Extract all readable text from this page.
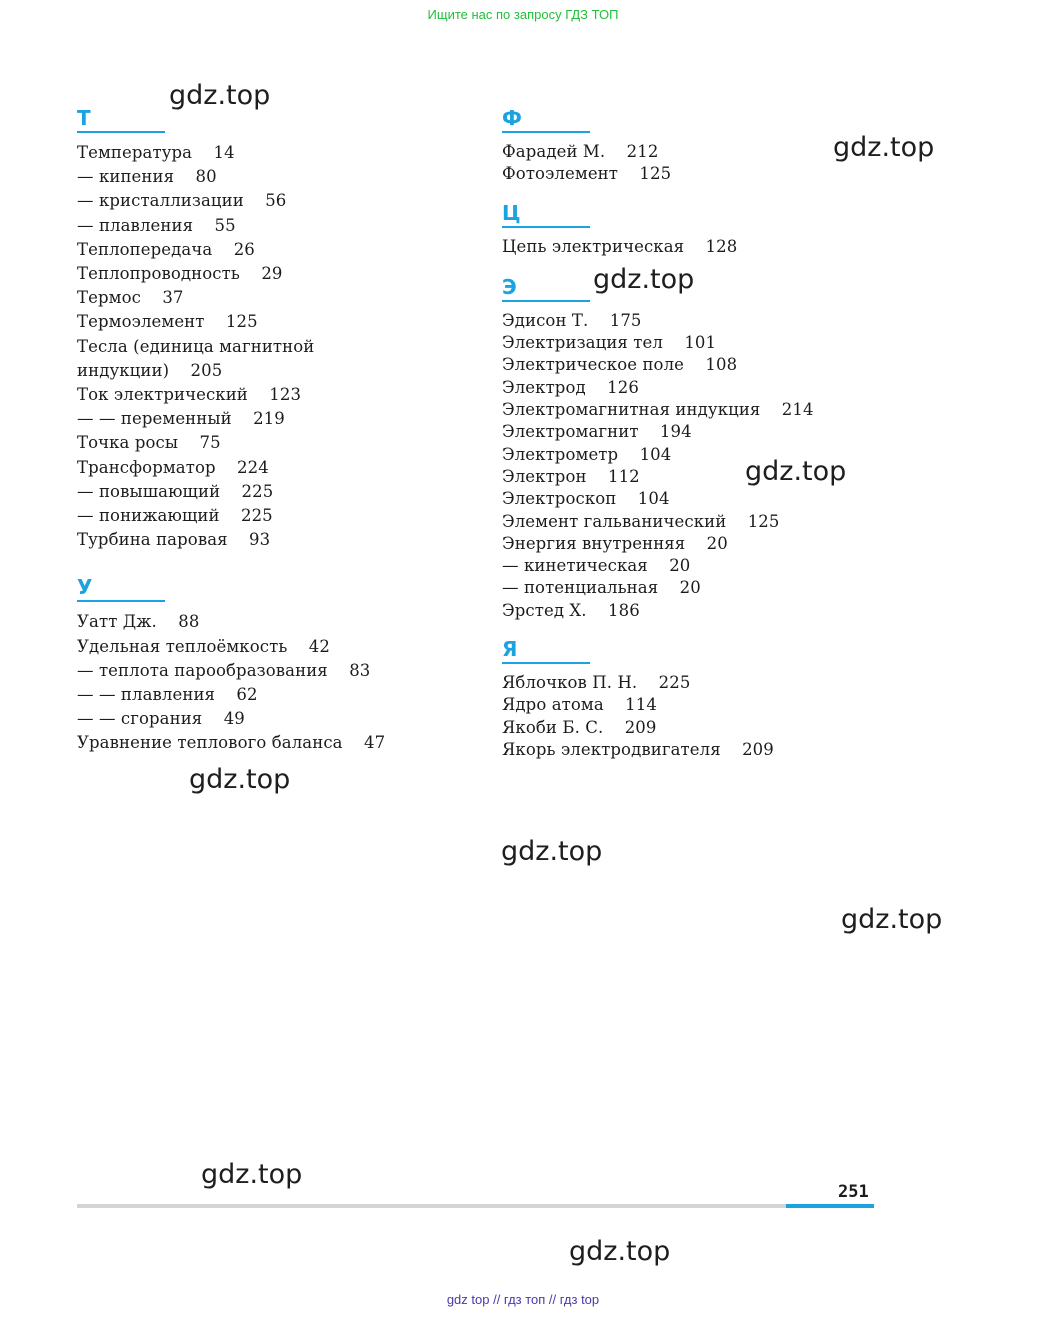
Ищите нас по запросу ГДЗ ТОП
Т
Температура    14
— кипения    80
— кристаллизации    56
— плавления    55
Теплопередача    26
Теплопроводность    29
Термос    37
Термоэлемент    125
Тесла (единица магнитной
индукции)    205
Ток электрический    123
— — переменный    219
Точка росы    75
Трансформатор    224
— повышающий    225
— понижающий    225
Турбина паровая    93
У
Уатт Дж.    88
Удельная теплоёмкость    42
— теплота парообразования    83
— — плавления    62
— — сгорания    49
Уравнение теплового баланса    47
Ф
Фарадей М.    212
Фотоэлемент    125
Ц
Цепь электрическая    128
Э
Эдисон Т.    175
Электризация тел    101
Электрическое поле    108
Электрод    126
Электромагнитная индукция    214
Электромагнит    194
Электрометр    104
Электрон    112
Электроскоп    104
Элемент гальванический    125
Энергия внутренняя    20
— кинетическая    20
— потенциальная    20
Эрстед Х.    186
Я
Яблочков П. Н.    225
Ядро атома    114
Якоби Б. С.    209
Якорь электродвигателя    209
gdz.top
gdz.top
gdz.top
gdz.top
gdz.top
gdz.top
gdz.top
gdz.top
gdz.top
251
gdz top // гдз топ // гдз top
